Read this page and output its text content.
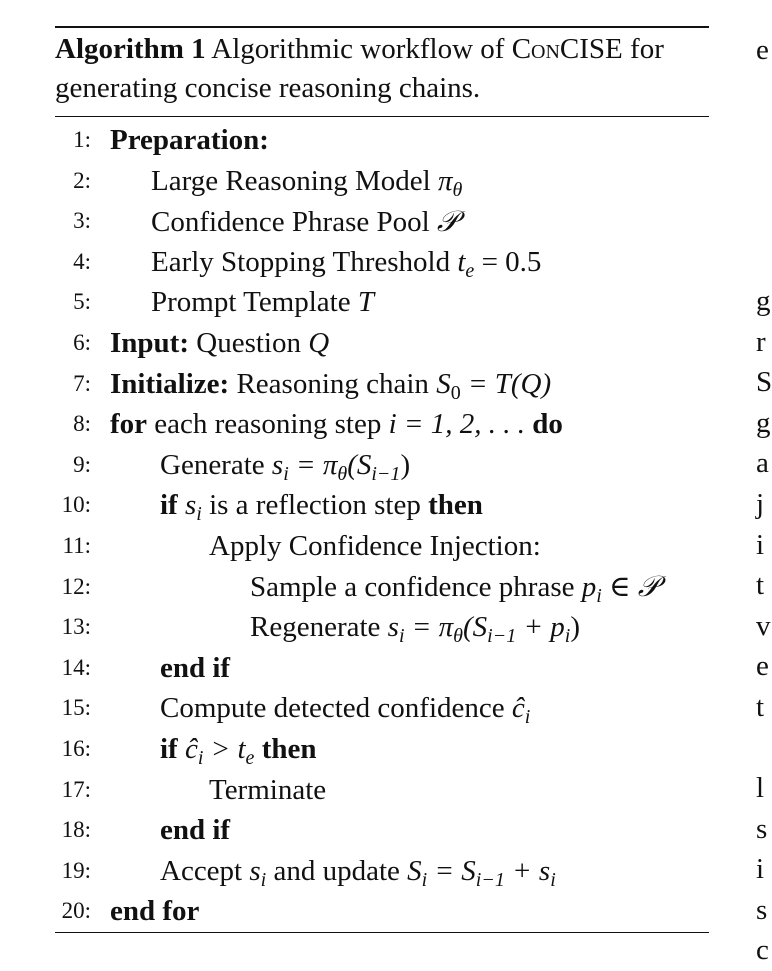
Algorithm 1 Algorithmic workflow of ConCISE for generating concise reasoning chains.

1: Preparation:
2: Large Reasoning Model $\pi_\theta$
3: Confidence Phrase Pool 𝒫
4: Early Stopping Threshold $t_e = 0.5$
5: Prompt Template T
6: Input: Question Q
7: Initialize: Reasoning chain $S_0 = T(Q)$
8: for each reasoning step i = 1, 2, . . . do
9: Generate $s_i = \pi_\theta(S_{i-1})$
10: if $s_i$ is a reflection step then
11:	Apply Confidence Injection:
12:	Sample a confidence phrase $p_i$ ∈ 𝒫
13:	Regenerate $s_i = \pi_\theta(S_{i-1} + p_i)$
14: end if
15: Compute detected confidence $ĉ_i$
16: if $ĉ_i > t_e$ then
17:	Terminate
18: end if
19: Accept $s_i$ and update $S_i = S_{i-1} + s_i$
20: end for
e
g
r
S
g
a
j
i
t
v
e
t
l
s
i
s
c
